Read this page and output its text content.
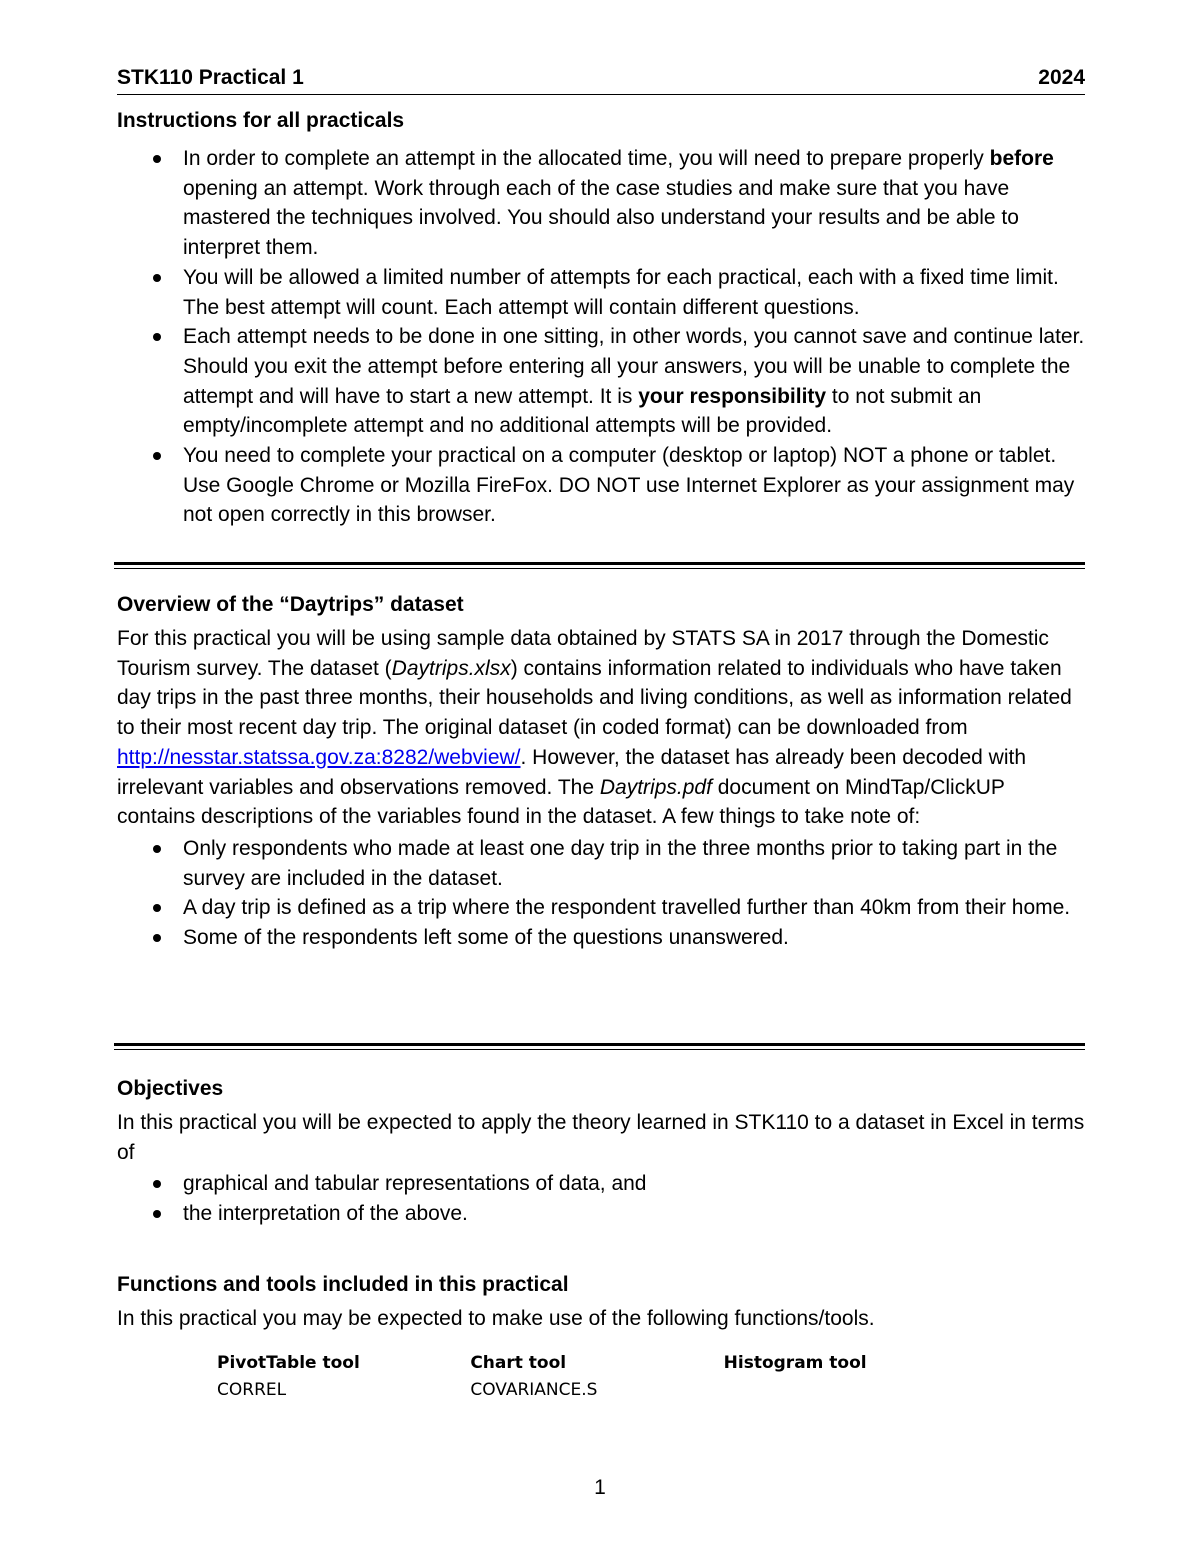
STK110 Practical 1	2024

Instructions for all practicals

In order to complete an attempt in the allocated time, you will need to prepare properly before opening an attempt. Work through each of the case studies and make sure that you have mastered the techniques involved. You should also understand your results and be able to interpret them.
You will be allowed a limited number of attempts for each practical, each with a fixed time limit. The best attempt will count. Each attempt will contain different questions.
Each attempt needs to be done in one sitting, in other words, you cannot save and continue later. Should you exit the attempt before entering all your answers, you will be unable to complete the attempt and will have to start a new attempt. It is your responsibility to not submit an empty/incomplete attempt and no additional attempts will be provided.
You need to complete your practical on a computer (desktop or laptop) NOT a phone or tablet. Use Google Chrome or Mozilla FireFox. DO NOT use Internet Explorer as your assignment may not open correctly in this browser.

Overview of the “Daytrips” dataset

For this practical you will be using sample data obtained by STATS SA in 2017 through the Domestic Tourism survey. The dataset (Daytrips.xlsx) contains information related to individuals who have taken day trips in the past three months, their households and living conditions, as well as information related to their most recent day trip. The original dataset (in coded format) can be downloaded from http://nesstar.statssa.gov.za:8282/webview/. However, the dataset has already been decoded with irrelevant variables and observations removed. The Daytrips.pdf document on MindTap/ClickUP contains descriptions of the variables found in the dataset. A few things to take note of:

Only respondents who made at least one day trip in the three months prior to taking part in the survey are included in the dataset.
A day trip is defined as a trip where the respondent travelled further than 40km from their home.
Some of the respondents left some of the questions unanswered.

Objectives

In this practical you will be expected to apply the theory learned in STK110 to a dataset in Excel in terms of

graphical and tabular representations of data, and
the interpretation of the above.

Functions and tools included in this practical

In this practical you may be expected to make use of the following functions/tools.

PivotTable tool	Chart tool	Histogram tool
CORREL	COVARIANCE.S
1
